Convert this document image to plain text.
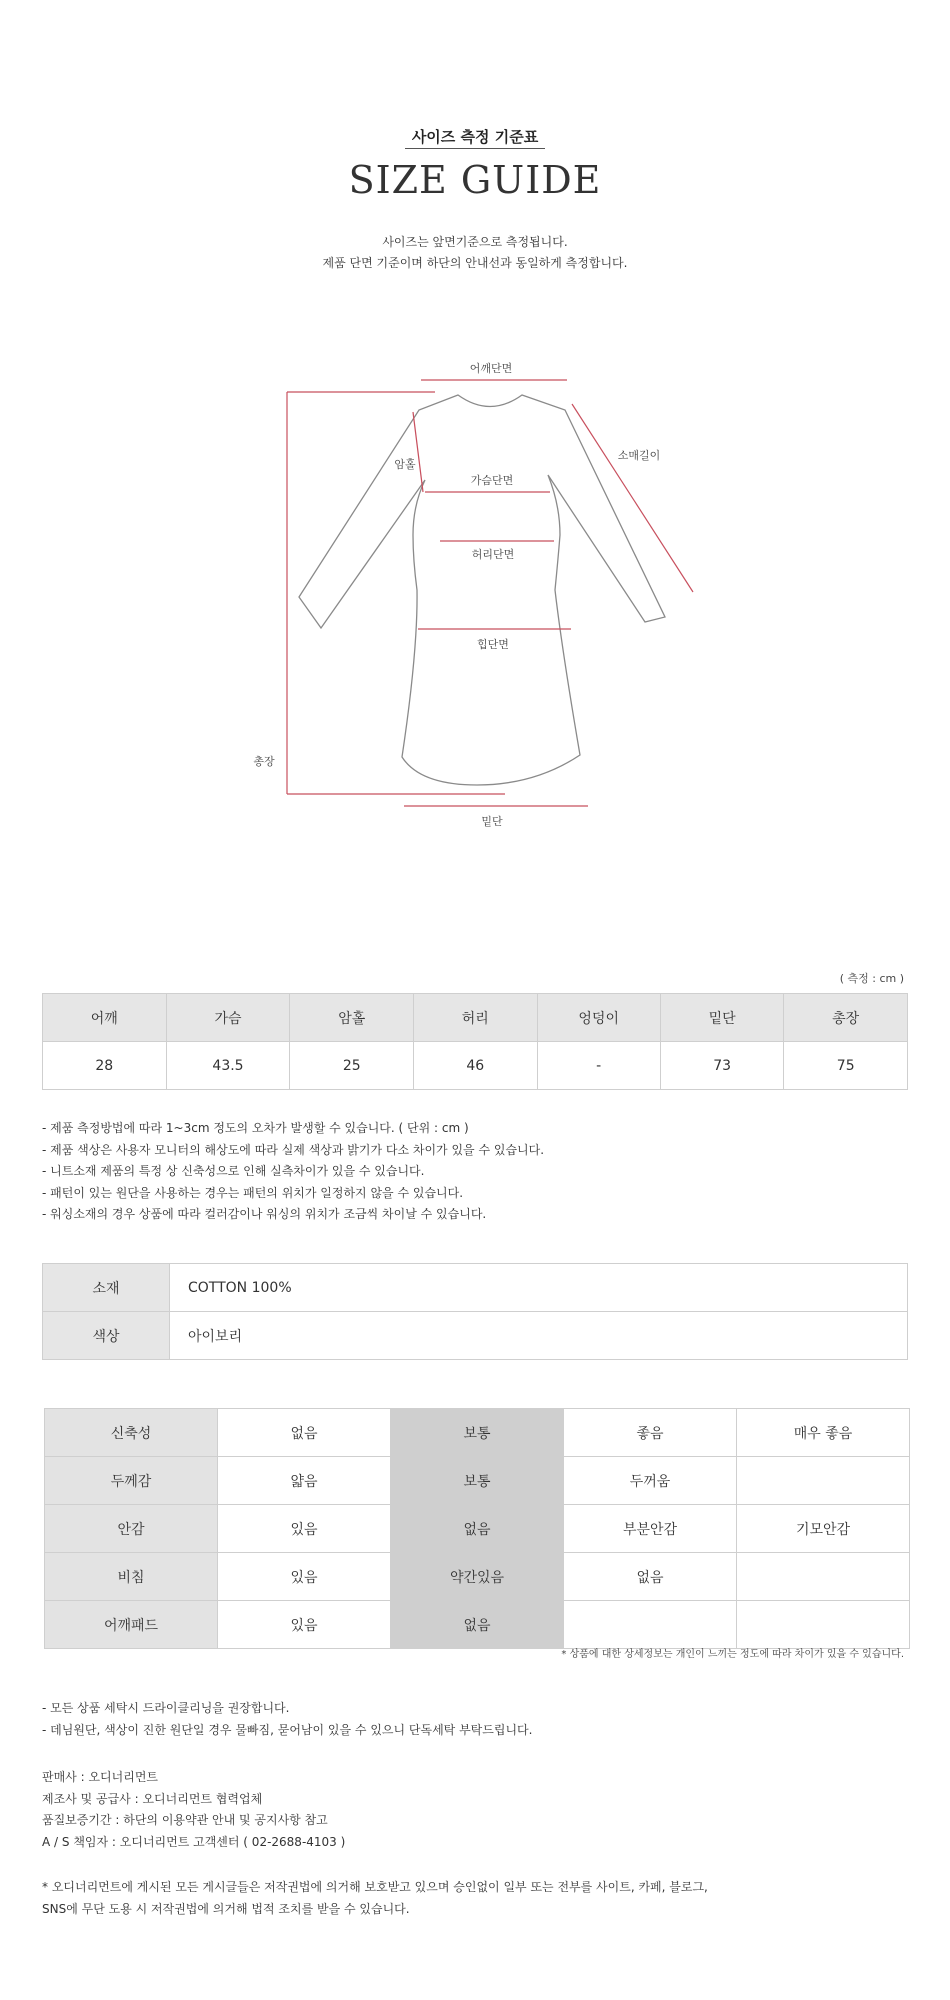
사이즈 측정 기준표
SIZE GUIDE
사이즈는 앞면기준으로 측정됩니다.
제품 단면 기준이며 하단의 안내선과 동일하게 측정합니다.
어깨단면
소매길이
암홀
가슴단면
허리단면
힙단면
총장
밑단
( 측정 : cm )
어깨	가슴	암홀	허리	엉덩이	밑단	총장
28	43.5	25	46	-	73	75
- 제품 측정방법에 따라 1~3cm 정도의 오차가 발생할 수 있습니다. ( 단위 : cm )
- 제품 색상은 사용자 모니터의 해상도에 따라 실제 색상과 밝기가 다소 차이가 있을 수 있습니다.
- 니트소재 제품의 특정 상 신축성으로 인해 실측차이가 있을 수 있습니다.
- 패턴이 있는 원단을 사용하는 경우는 패턴의 위치가 일정하지 않을 수 있습니다.
- 워싱소재의 경우 상품에 따라 컬러감이나 워싱의 위치가 조금씩 차이날 수 있습니다.
소재	COTTON 100%
색상	아이보리
신축성	없음	보통	좋음	매우 좋음
두께감	얇음	보통	두꺼움	
안감	있음	없음	부분안감	기모안감
비침	있음	약간있음	없음	
어깨패드	있음	없음		
* 상품에 대한 상세정보는 개인이 느끼는 정도에 따라 차이가 있을 수 있습니다.
- 모든 상품 세탁시 드라이클리닝을 권장합니다.
- 데님원단, 색상이 진한 원단일 경우 물빠짐, 묻어남이 있을 수 있으니 단독세탁 부탁드립니다.
판매사 : 오디너리먼트
제조사 및 공급사 : 오디너리먼트 협력업체
품질보증기간 : 하단의 이용약관 안내 및 공지사항 참고
A / S 책임자 : 오디너리먼트 고객센터 ( 02-2688-4103 )
* 오디너리먼트에 게시된 모든 게시글들은 저작권법에 의거해 보호받고 있으며 승인없이 일부 또는 전부를 사이트, 카페, 블로그,
SNS에 무단 도용 시 저작권법에 의거해 법적 조치를 받을 수 있습니다.
